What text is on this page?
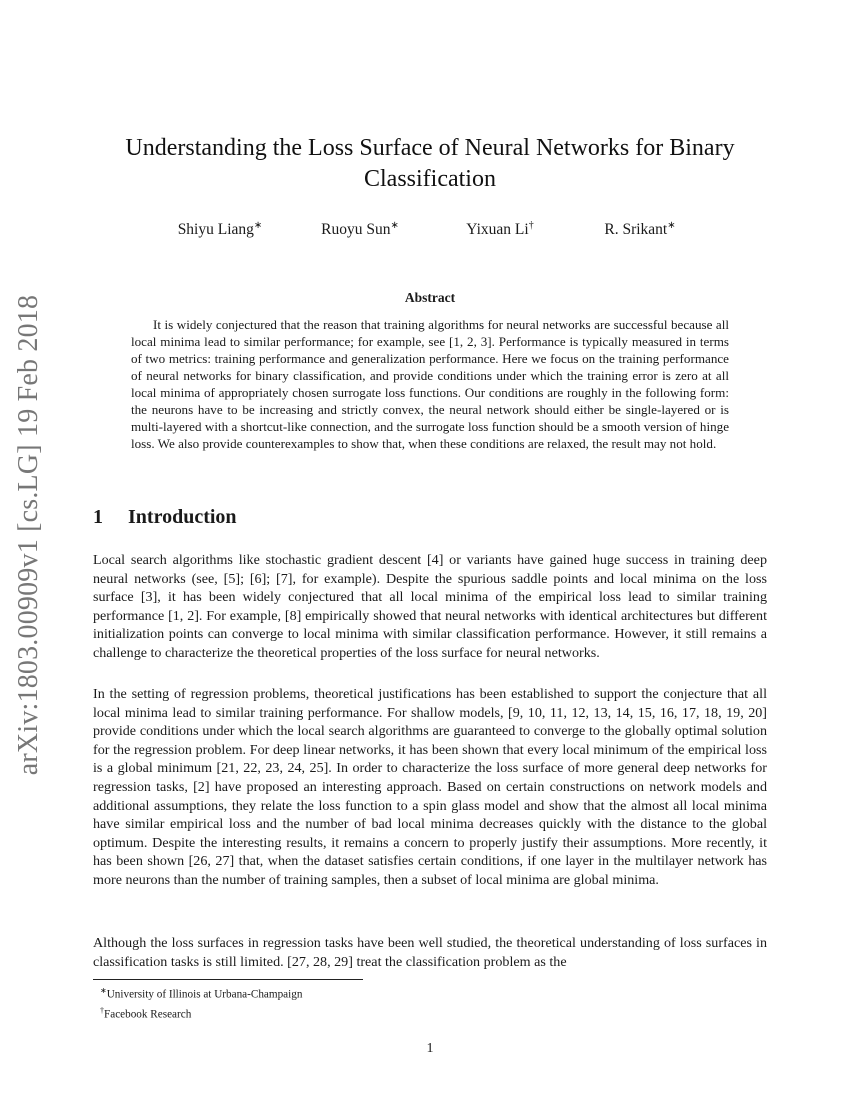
arXiv:1803.00909v1 [cs.LG] 19 Feb 2018
Understanding the Loss Surface of Neural Networks for Binary Classification
Shiyu Liang∗	Ruoyu Sun∗	Yixuan Li†	R. Srikant∗
Abstract
It is widely conjectured that the reason that training algorithms for neural networks are successful because all local minima lead to similar performance; for example, see [1, 2, 3]. Performance is typically measured in terms of two metrics: training performance and generalization performance. Here we focus on the training performance of neural networks for binary classification, and provide conditions under which the training error is zero at all local minima of appropriately chosen surrogate loss functions. Our conditions are roughly in the following form: the neurons have to be increasing and strictly convex, the neural network should either be single-layered or is multi-layered with a shortcut-like connection, and the surrogate loss function should be a smooth version of hinge loss. We also provide counterexamples to show that, when these conditions are relaxed, the result may not hold.
1 Introduction
Local search algorithms like stochastic gradient descent [4] or variants have gained huge success in training deep neural networks (see, [5]; [6]; [7], for example). Despite the spurious saddle points and local minima on the loss surface [3], it has been widely conjectured that all local minima of the empirical loss lead to similar training performance [1, 2]. For example, [8] empirically showed that neural networks with identical architectures but different initialization points can converge to local minima with similar classification performance. However, it still remains a challenge to characterize the theoretical properties of the loss surface for neural networks.
In the setting of regression problems, theoretical justifications has been established to support the conjecture that all local minima lead to similar training performance. For shallow models, [9, 10, 11, 12, 13, 14, 15, 16, 17, 18, 19, 20] provide conditions under which the local search algorithms are guaranteed to converge to the globally optimal solution for the regression problem. For deep linear networks, it has been shown that every local minimum of the empirical loss is a global minimum [21, 22, 23, 24, 25]. In order to characterize the loss surface of more general deep networks for regression tasks, [2] have proposed an interesting approach. Based on certain constructions on network models and additional assumptions, they relate the loss function to a spin glass model and show that the almost all local minima have similar empirical loss and the number of bad local minima decreases quickly with the distance to the global optimum. Despite the interesting results, it remains a concern to properly justify their assumptions. More recently, it has been shown [26, 27] that, when the dataset satisfies certain conditions, if one layer in the multilayer network has more neurons than the number of training samples, then a subset of local minima are global minima.
Although the loss surfaces in regression tasks have been well studied, the theoretical understanding of loss surfaces in classification tasks is still limited. [27, 28, 29] treat the classification problem as the
∗University of Illinois at Urbana-Champaign
†Facebook Research
1
